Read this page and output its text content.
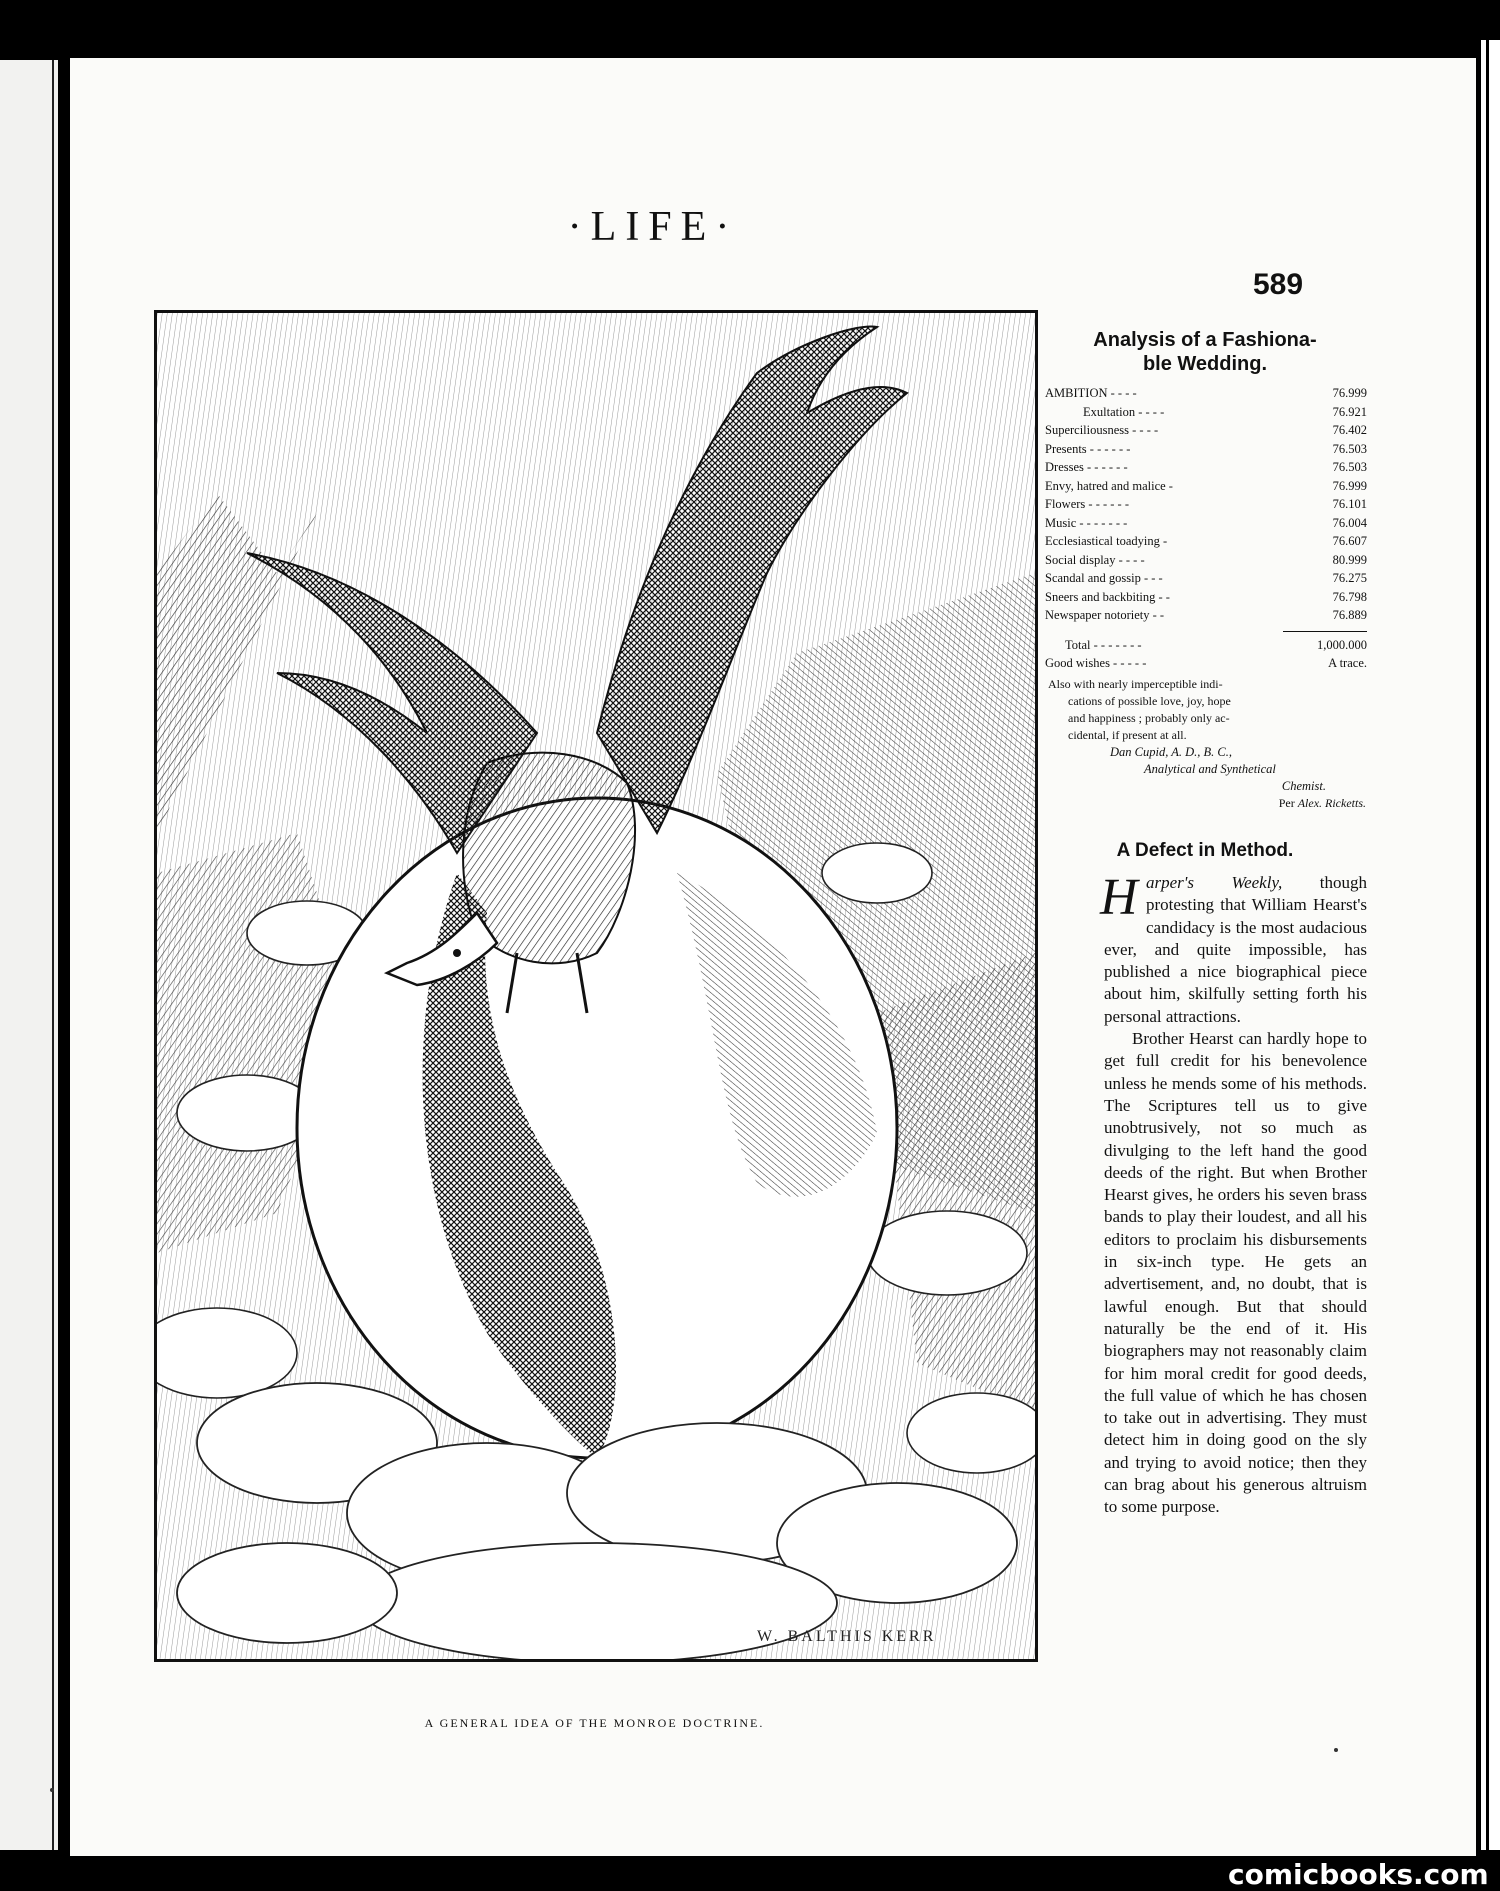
·LIFE·
589
W. BALTHIS KERR
A GENERAL IDEA OF THE MONROE DOCTRINE.
Analysis of a Fashiona-
ble Wedding.
AMBITION - - - -	76.999
Exultation - - - -	76.921
Superciliousness - - - -	76.402
Presents - - - - - -	76.503
Dresses - - - - - -	76.503
Envy, hatred and malice -	76.999
Flowers - - - - - -	76.101
Music - - - - - - -	76.004
Ecclesiastical toadying -	76.607
Social display - - - -	80.999
Scandal and gossip - - -	76.275
Sneers and backbiting - -	76.798
Newspaper notoriety - -	76.889
Total - - - - - - -	1,000.000
Good wishes - - - - -	A trace.
Also with nearly imperceptible indi-
cations of possible love, joy, hope
and happiness ; probably only ac-
cidental, if present at all.
Dan Cupid, A. D., B. C.,
Analytical and Synthetical
Chemist.
Per Alex. Ricketts.
A Defect in Method.

Harper's Weekly, though protesting that William Hearst's candidacy is the most audacious ever, and quite impossible, has published a nice biographical piece about him, skilfully setting forth his personal attractions.

Brother Hearst can hardly hope to get full credit for his benevolence unless he mends some of his methods. The Scriptures tell us to give unobtrusively, not so much as divulging to the left hand the good deeds of the right. But when Brother Hearst gives, he orders his seven brass bands to play their loudest, and all his editors to proclaim his disbursements in six-inch type. He gets an advertisement, and, no doubt, that is lawful enough. But that should naturally be the end of it. His biographers may not reasonably claim for him moral credit for good deeds, the full value of which he has chosen to take out in advertising. They must detect him in doing good on the sly and trying to avoid notice; then they can brag about his generous altruism to some purpose.

comicbooks.com
